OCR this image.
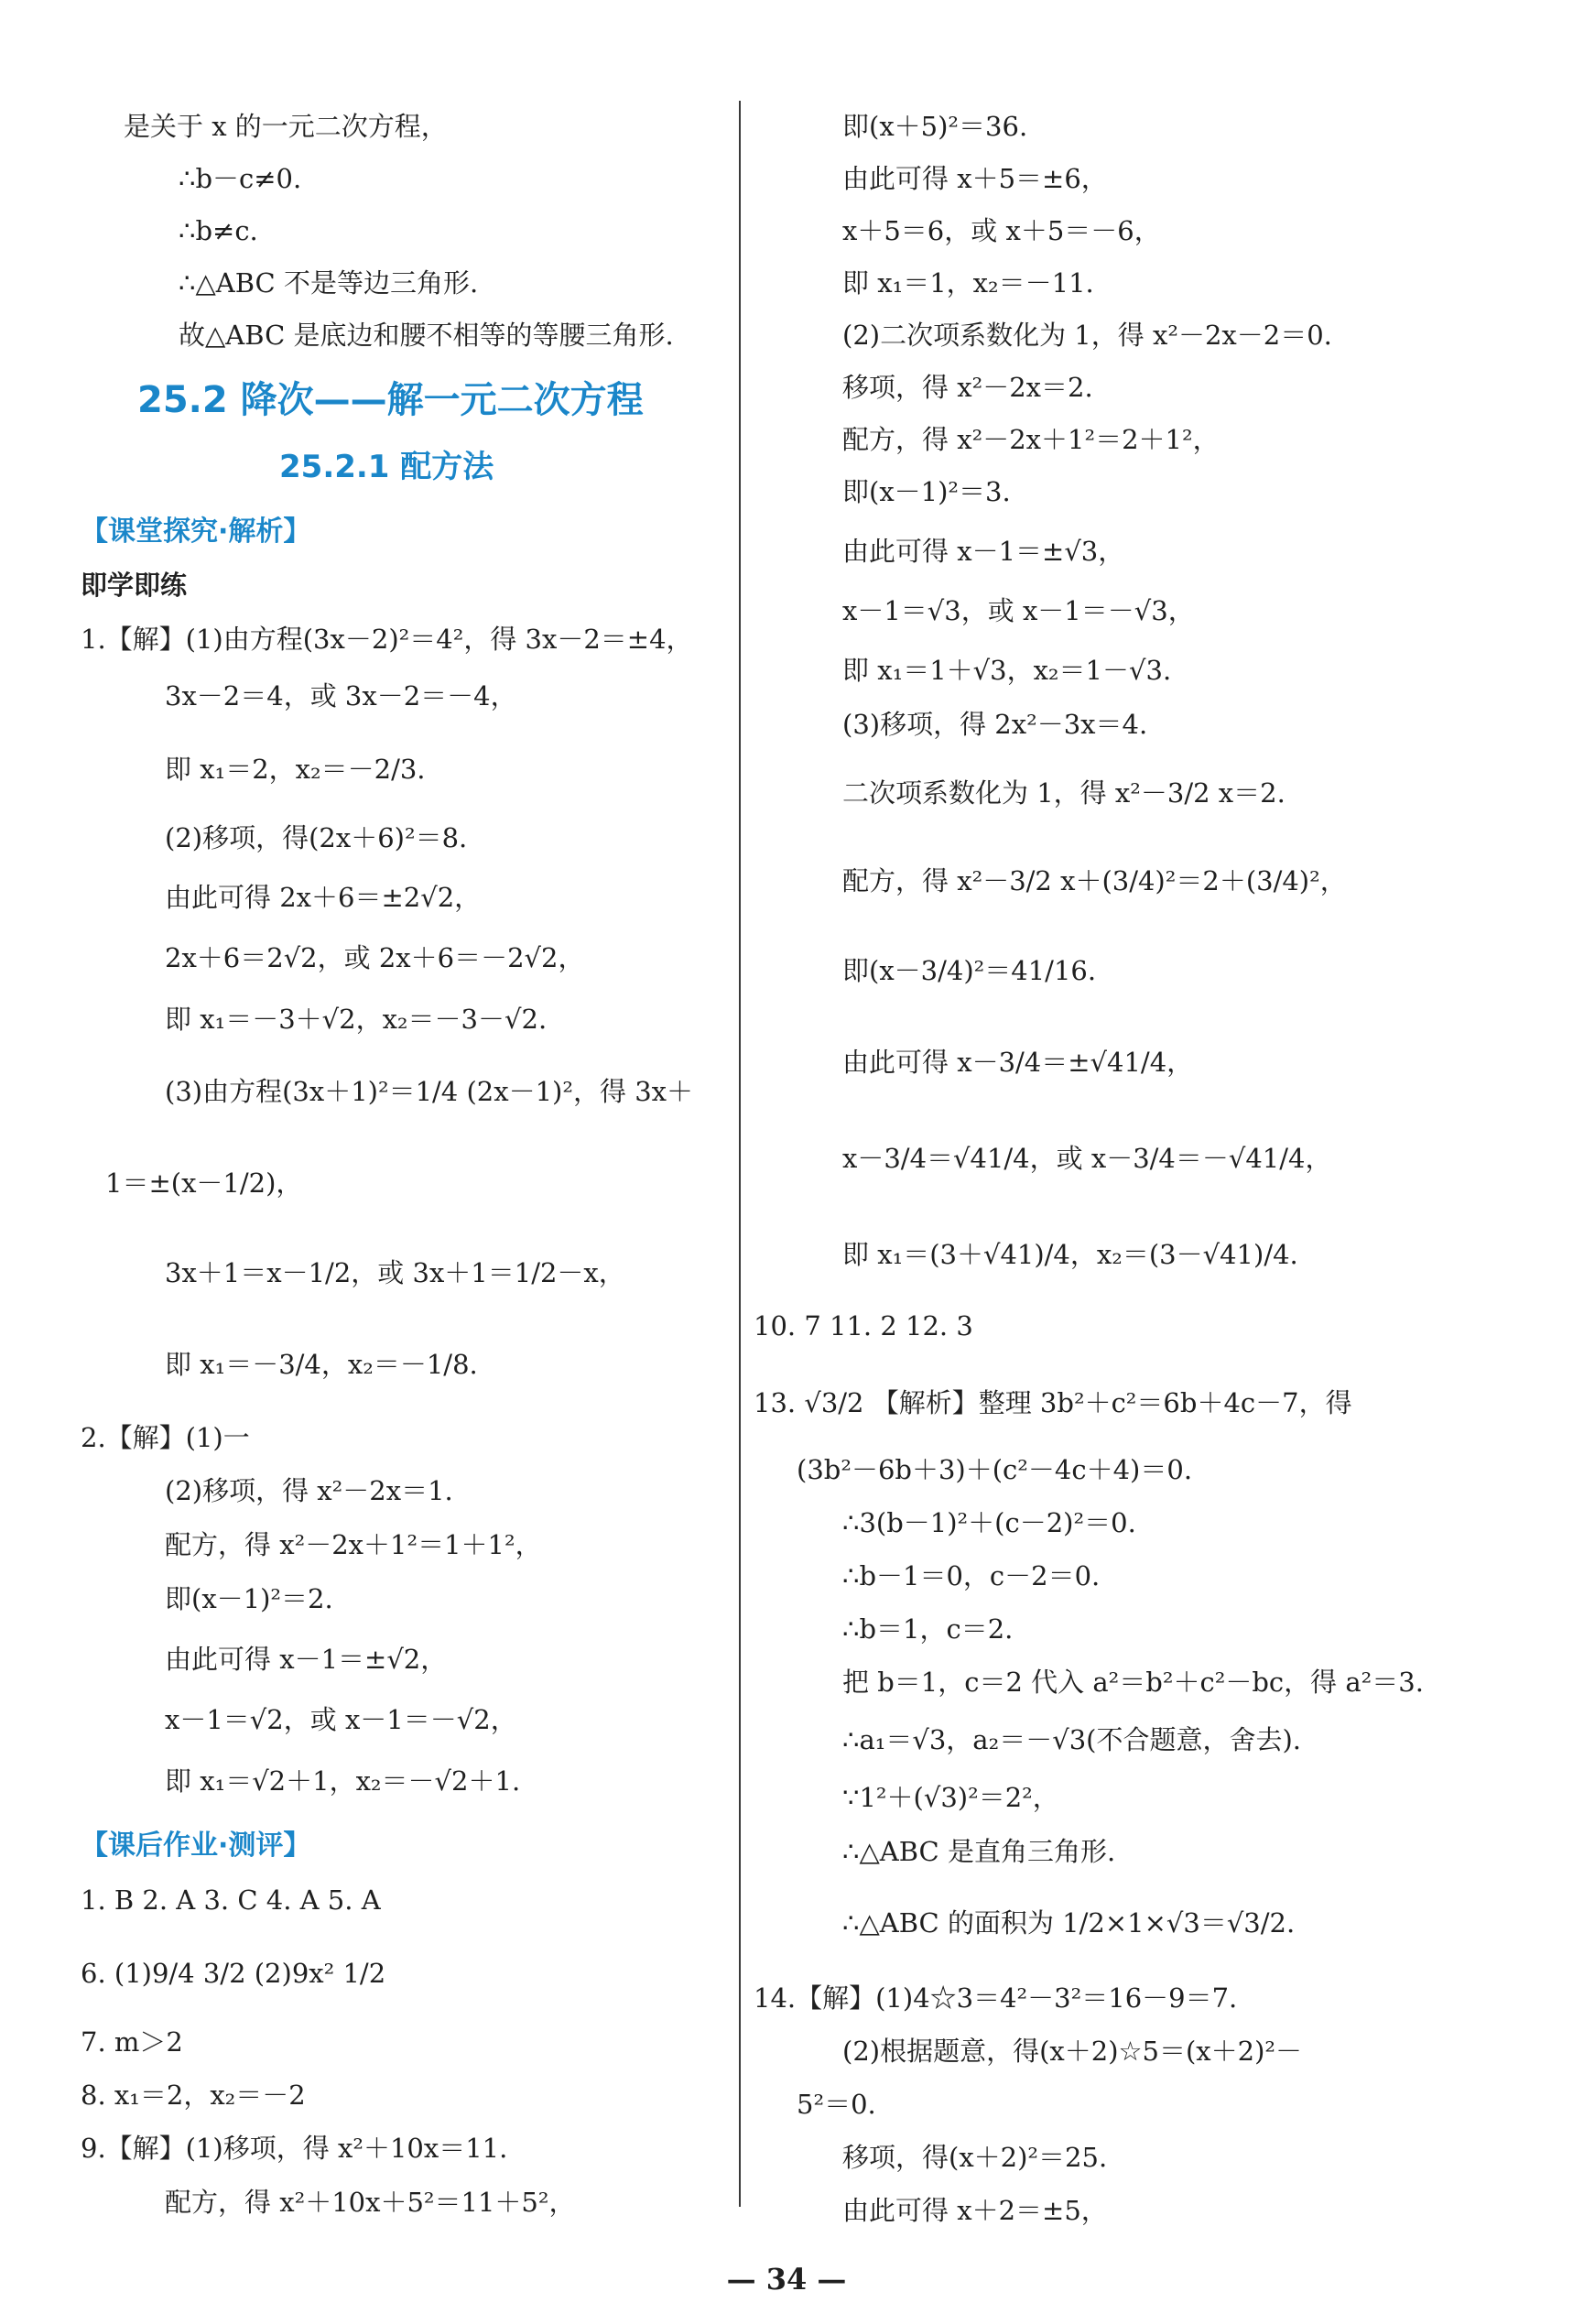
是关于 x 的一元二次方程，
∴b－c≠0.
∴b≠c.
∴△ABC 不是等边三角形.
故△ABC 是底边和腰不相等的等腰三角形.
25.2 降次——解一元二次方程
25.2.1 配方法
【课堂探究·解析】
即学即练
1.【解】(1)由方程(3x－2)²＝4²，得 3x－2＝±4，
3x－2＝4，或 3x－2＝－4，
即 x₁＝2，x₂＝－2/3.
(2)移项，得(2x＋6)²＝8.
由此可得 2x＋6＝±2√2，
2x＋6＝2√2，或 2x＋6＝－2√2，
即 x₁＝－3＋√2，x₂＝－3－√2.
(3)由方程(3x＋1)²＝1/4 (2x－1)²，得 3x＋
1＝±(x－1/2)，
3x＋1＝x－1/2，或 3x＋1＝1/2－x，
即 x₁＝－3/4，x₂＝－1/8.
2.【解】(1)一
(2)移项，得 x²－2x＝1.
配方，得 x²－2x＋1²＝1＋1²，
即(x－1)²＝2.
由此可得 x－1＝±√2，
x－1＝√2，或 x－1＝－√2，
即 x₁＝√2＋1，x₂＝－√2＋1.
【课后作业·测评】
1. B 2. A 3. C 4. A 5. A
6. (1)9/4 3/2 (2)9x² 1/2
7. m＞2
8. x₁＝2，x₂＝－2
9.【解】(1)移项，得 x²＋10x＝11.
配方，得 x²＋10x＋5²＝11＋5²，
即(x＋5)²＝36.
由此可得 x＋5＝±6，
x＋5＝6，或 x＋5＝－6，
即 x₁＝1，x₂＝－11.
(2)二次项系数化为 1，得 x²－2x－2＝0.
移项，得 x²－2x＝2.
配方，得 x²－2x＋1²＝2＋1²，
即(x－1)²＝3.
由此可得 x－1＝±√3，
x－1＝√3，或 x－1＝－√3，
即 x₁＝1＋√3，x₂＝1－√3.
(3)移项，得 2x²－3x＝4.
二次项系数化为 1，得 x²－3/2 x＝2.
配方，得 x²－3/2 x＋(3/4)²＝2＋(3/4)²，
即(x－3/4)²＝41/16.
由此可得 x－3/4＝±√41/4，
x－3/4＝√41/4，或 x－3/4＝－√41/4，
即 x₁＝(3＋√41)/4，x₂＝(3－√41)/4.
10. 7 11. 2 12. 3
13. √3/2 【解析】整理 3b²＋c²＝6b＋4c－7，得
(3b²－6b＋3)＋(c²－4c＋4)＝0.
∴3(b－1)²＋(c－2)²＝0.
∴b－1＝0，c－2＝0.
∴b＝1，c＝2.
把 b＝1，c＝2 代入 a²＝b²＋c²－bc，得 a²＝3.
∴a₁＝√3，a₂＝－√3(不合题意，舍去).
∵1²＋(√3)²＝2²，
∴△ABC 是直角三角形.
∴△ABC 的面积为 1/2×1×√3＝√3/2.
14.【解】(1)4☆3＝4²－3²＝16－9＝7.
(2)根据题意，得(x＋2)☆5＝(x＋2)²－
5²＝0.
移项，得(x＋2)²＝25.
由此可得 x＋2＝±5，
— 34 —
